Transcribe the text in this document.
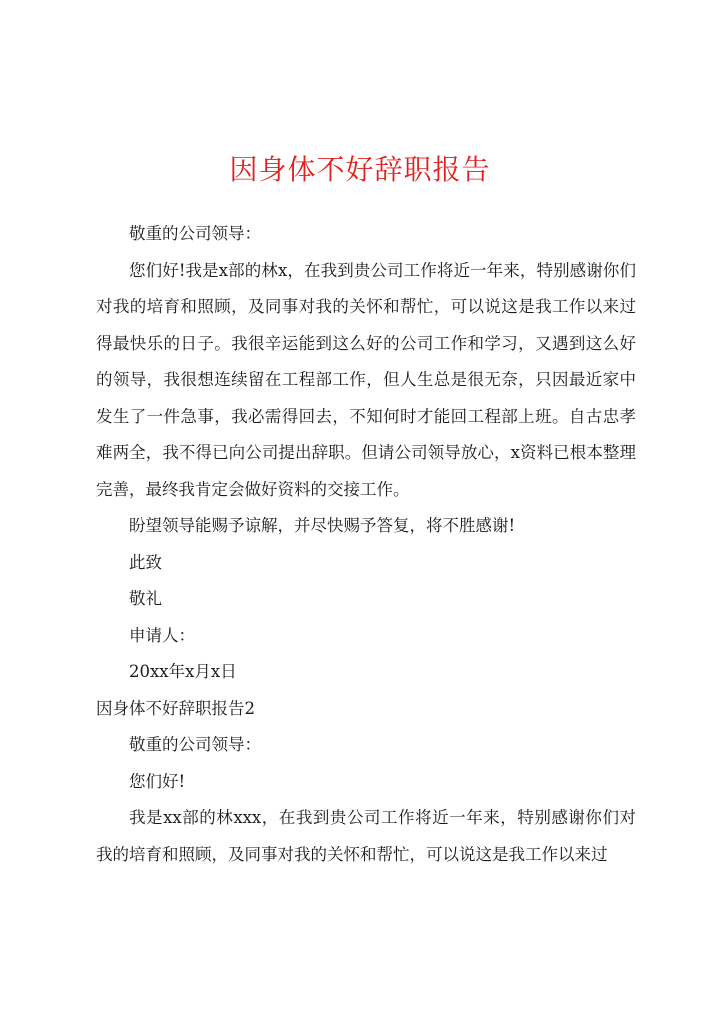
因身体不好辞职报告

敬重的公司领导：

您们好!我是x部的林x，在我到贵公司工作将近一年来，特别感谢你们对我的培育和照顾，及同事对我的关怀和帮忙，可以说这是我工作以来过得最快乐的日子。我很辛运能到这么好的公司工作和学习，又遇到这么好的领导，我很想连续留在工程部工作，但人生总是很无奈，只因最近家中发生了一件急事，我必需得回去，不知何时才能回工程部上班。自古忠孝难两全，我不得已向公司提出辞职。但请公司领导放心，x资料已根本整理完善，最终我肯定会做好资料的交接工作。

盼望领导能赐予谅解，并尽快赐予答复，将不胜感谢!

此致

敬礼

申请人：

20xx年x月x日

因身体不好辞职报告2

敬重的公司领导：

您们好!

我是xx部的林xxx，在我到贵公司工作将近一年来，特别感谢你们对我的培育和照顾，及同事对我的关怀和帮忙，可以说这是我工作以来过
